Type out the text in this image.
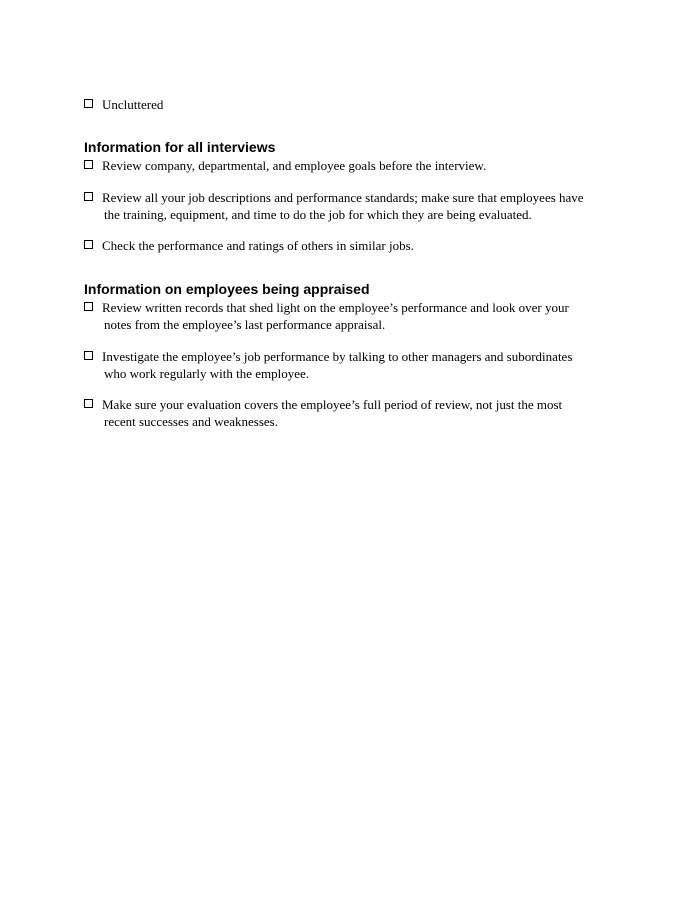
Uncluttered
Information for all interviews
Review company, departmental, and employee goals before the interview.
Review all your job descriptions and performance standards; make sure that employees have
the training, equipment, and time to do the job for which they are being evaluated.
Check the performance and ratings of others in similar jobs.
Information on employees being appraised
Review written records that shed light on the employee’s performance and look over your
notes from the employee’s last performance appraisal.
Investigate the employee’s job performance by talking to other managers and subordinates
who work regularly with the employee.
Make sure your evaluation covers the employee’s full period of review, not just the most
recent successes and weaknesses.
